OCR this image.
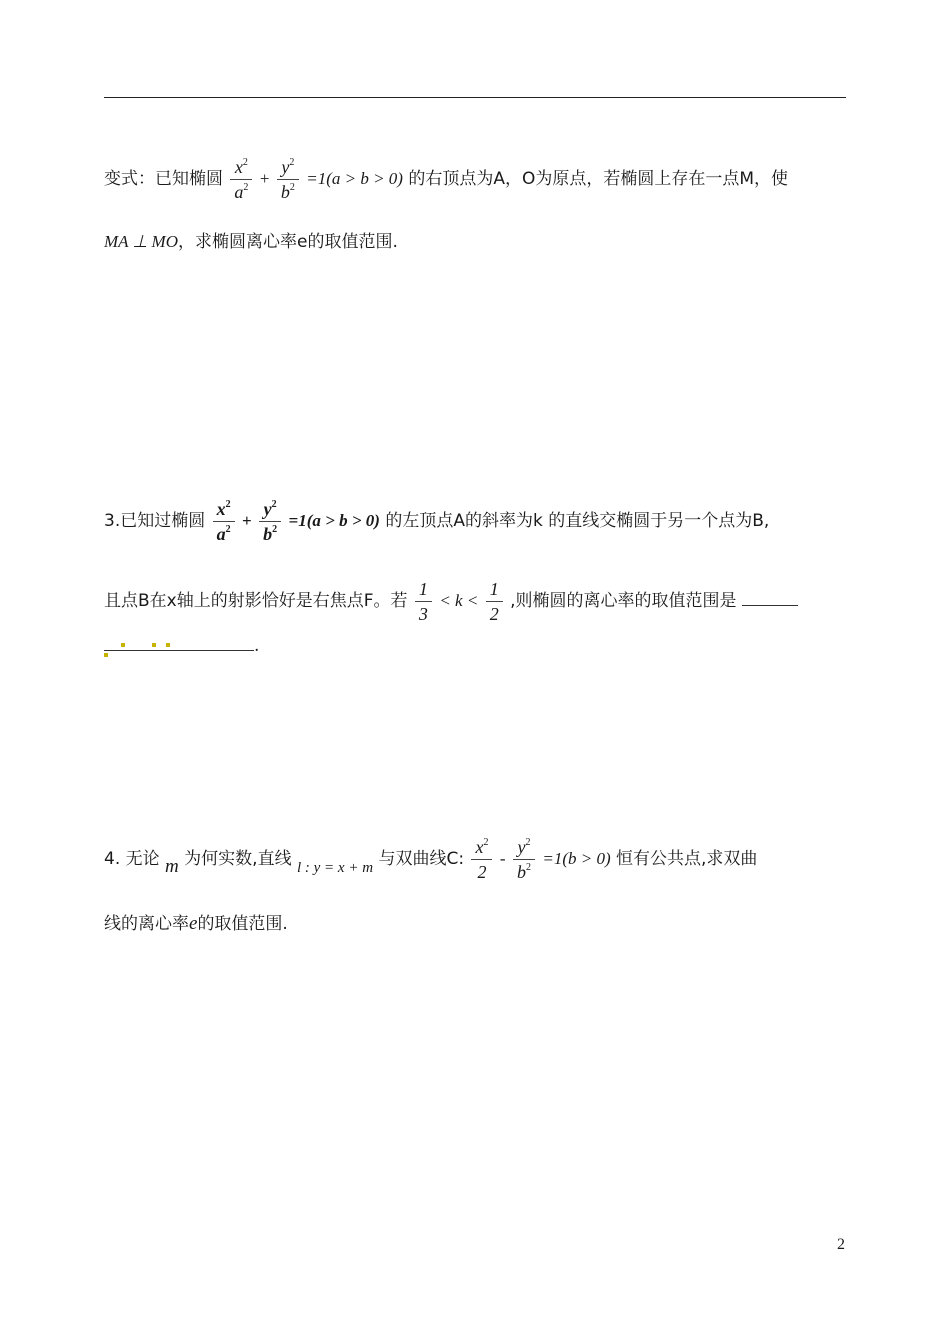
变式：已知椭圆 $\frac{x^2}{a^2} + \frac{y^2}{b^2} =1(a > b > 0)$ 的右顶点为A，O为原点，若椭圆上存在一点M，使
MA ⊥ MO，求椭圆离心率e的取值范围.
3.已知过椭圆 $\frac{x^2}{a^2} + \frac{y^2}{b^2} =1(a > b > 0)$ 的左顶点A的斜率为k 的直线交椭圆于另一个点为B,
且点B在x轴上的射影恰好是右焦点F。若 $\frac{1}{3} < k < \frac{1}{2}$ ,则椭圆的离心率的取值范围是
.
4. 无论 m 为何实数,直线 l : y = x + m 与双曲线C: $\frac{x^2}{2} - \frac{y^2}{b^2} =1(b > 0)$ 恒有公共点,求双曲
线的离心率e的取值范围.
2
